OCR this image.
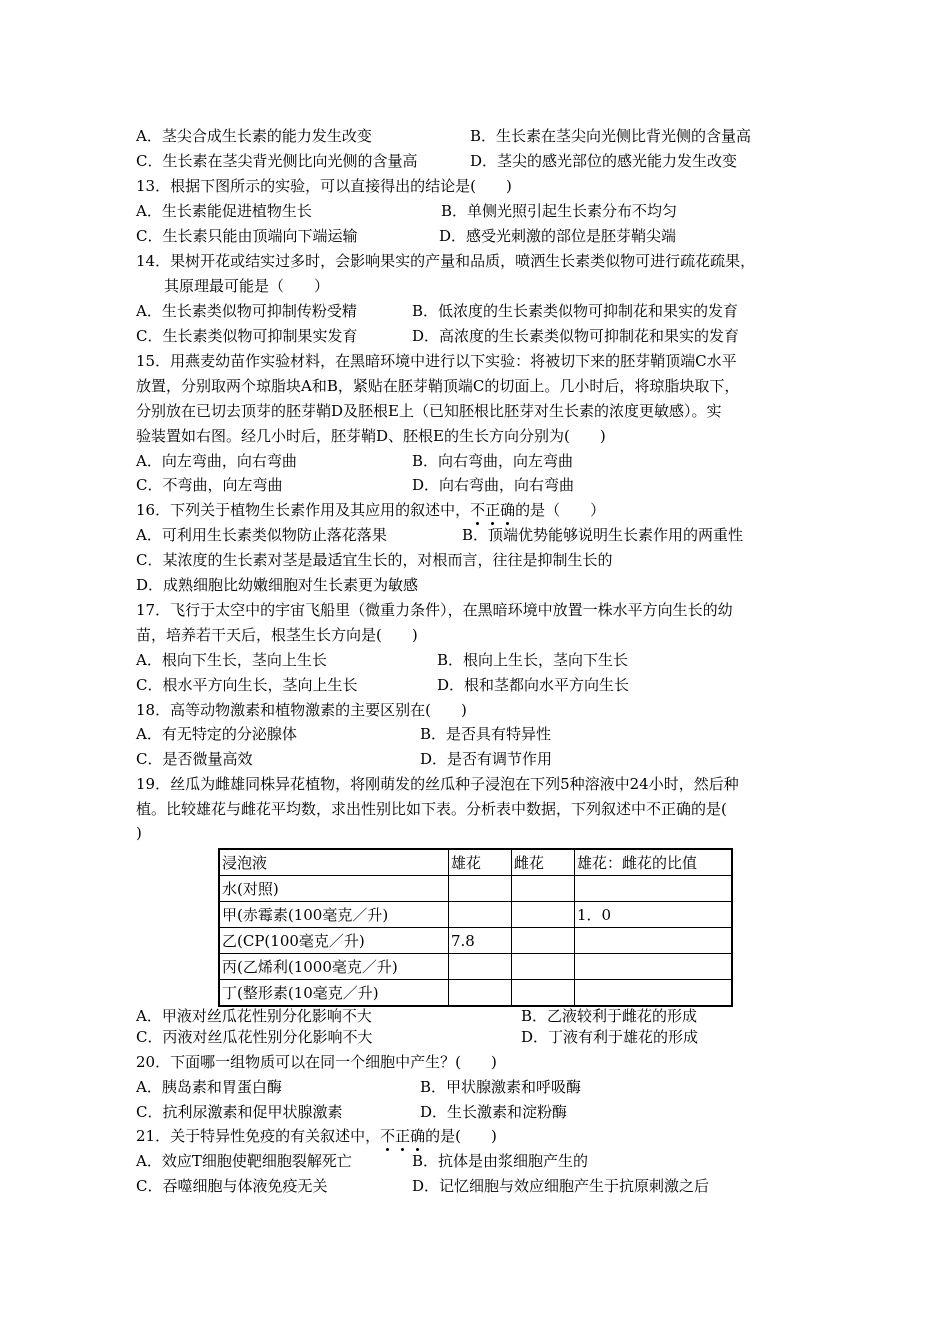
A．茎尖合成生长素的能力发生改变	B．生长素在茎尖向光侧比背光侧的含量高
C．生长素在茎尖背光侧比向光侧的含量高	D．茎尖的感光部位的感光能力发生改变
13．根据下图所示的实验，可以直接得出的结论是(　　)
A．生长素能促进植物生长	B．单侧光照引起生长素分布不均匀
C．生长素只能由顶端向下端运输	D．感受光刺激的部位是胚芽鞘尖端
14．果树开花或结实过多时，会影响果实的产量和品质，喷洒生长素类似物可进行疏花疏果，
其原理最可能是（　　）
A．生长素类似物可抑制传粉受精	B．低浓度的生长素类似物可抑制花和果实的发育
C．生长素类似物可抑制果实发育	D．高浓度的生长素类似物可抑制花和果实的发育
15．用燕麦幼苗作实验材料，在黑暗环境中进行以下实验：将被切下来的胚芽鞘顶端C水平
放置，分别取两个琼脂块A和B，紧贴在胚芽鞘顶端C的切面上。几小时后，将琼脂块取下，
分别放在已切去顶芽的胚芽鞘D及胚根E上（已知胚根比胚芽对生长素的浓度更敏感）。实
验装置如右图。经几小时后，胚芽鞘D、胚根E的生长方向分别为(　　)
A．向左弯曲，向右弯曲	B．向右弯曲，向左弯曲
C．不弯曲，向左弯曲	D．向右弯曲，向右弯曲
16．下列关于植物生长素作用及其应用的叙述中，不正确的是（　　）
A．可利用生长素类似物防止落花落果	B．顶端优势能够说明生长素作用的两重性
C．某浓度的生长素对茎是最适宜生长的，对根而言，往往是抑制生长的
D．成熟细胞比幼嫩细胞对生长素更为敏感
17．飞行于太空中的宇宙飞船里（微重力条件），在黑暗环境中放置一株水平方向生长的幼
苗，培养若干天后，根茎生长方向是(　　)
A．根向下生长，茎向上生长	B．根向上生长，茎向下生长
C．根水平方向生长，茎向上生长	D．根和茎都向水平方向生长
18．高等动物激素和植物激素的主要区别在(　　)
A．有无特定的分泌腺体	B．是否具有特异性
C．是否微量高效	D．是否有调节作用
19．丝瓜为雌雄同株异花植物，将刚萌发的丝瓜种子浸泡在下列5种溶液中24小时，然后种
植。比较雄花与雌花平均数，求出性别比如下表。分析表中数据，下列叙述中不正确的是(
)
浸泡液	雄花	雌花	雄花：雌花的比值
水(对照)			
甲(赤霉素(100毫克／升)			1．0
乙(CP(100毫克／升)	7.8		
丙(乙烯利(1000毫克／升)			
丁(整形素(10毫克／升)			
A．甲液对丝瓜花性别分化影响不大	B．乙液较利于雌花的形成
C．丙液对丝瓜花性别分化影响不大	D．丁液有利于雄花的形成
20．下面哪一组物质可以在同一个细胞中产生？(　　)
A．胰岛素和胃蛋白酶	B．甲状腺激素和呼吸酶
C．抗利尿激素和促甲状腺激素	D．生长激素和淀粉酶
21．关于特异性免疫的有关叙述中，不正确的是(　　)
A．效应T细胞使靶细胞裂解死亡	B．抗体是由浆细胞产生的
C．吞噬细胞与体液免疫无关	D．记忆细胞与效应细胞产生于抗原刺激之后
